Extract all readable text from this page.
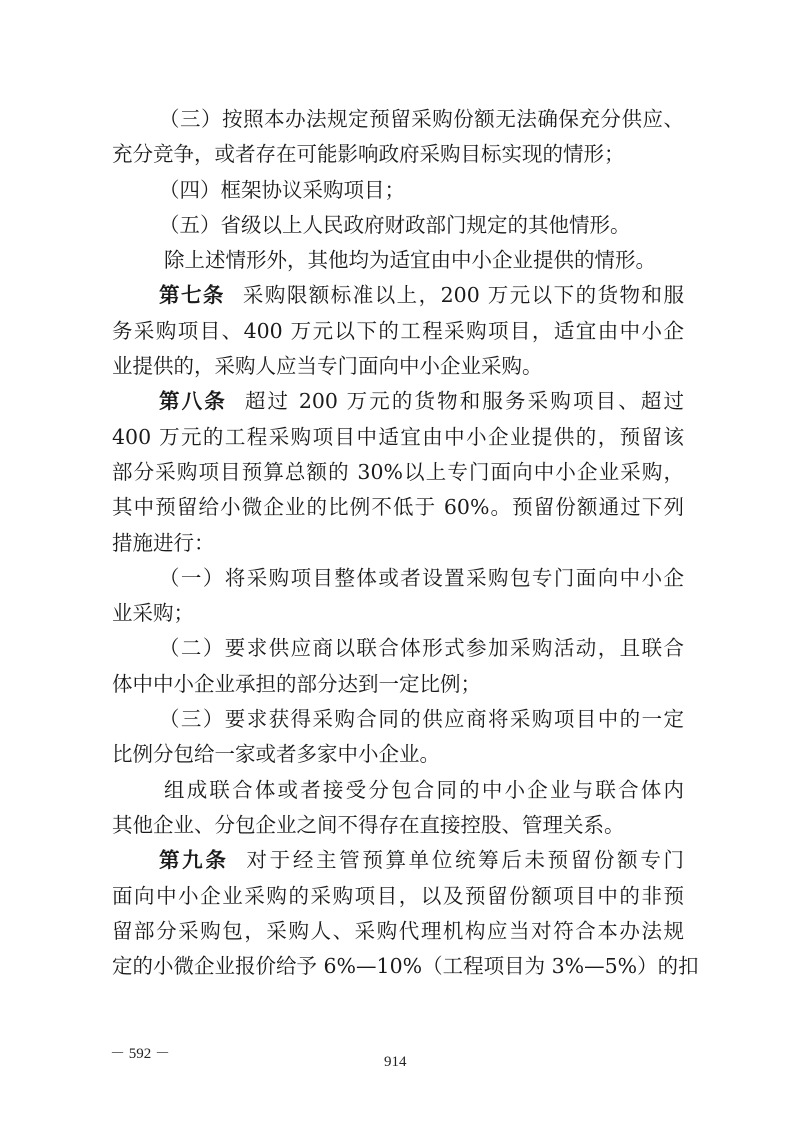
（三）按照本办法规定预留采购份额无法确保充分供应、
充分竞争，或者存在可能影响政府采购目标实现的情形；
（四）框架协议采购项目；
（五）省级以上人民政府财政部门规定的其他情形。
除上述情形外，其他均为适宜由中小企业提供的情形。
第七条 采购限额标准以上，200 万元以下的货物和服
务采购项目、400 万元以下的工程采购项目，适宜由中小企
业提供的，采购人应当专门面向中小企业采购。
第八条 超过 200 万元的货物和服务采购项目、超过
400 万元的工程采购项目中适宜由中小企业提供的，预留该
部分采购项目预算总额的 30%以上专门面向中小企业采购，
其中预留给小微企业的比例不低于 60%。预留份额通过下列
措施进行：
（一）将采购项目整体或者设置采购包专门面向中小企
业采购；
（二）要求供应商以联合体形式参加采购活动，且联合
体中中小企业承担的部分达到一定比例；
（三）要求获得采购合同的供应商将采购项目中的一定
比例分包给一家或者多家中小企业。
组成联合体或者接受分包合同的中小企业与联合体内
其他企业、分包企业之间不得存在直接控股、管理关系。
第九条 对于经主管预算单位统筹后未预留份额专门
面向中小企业采购的采购项目，以及预留份额项目中的非预
留部分采购包，采购人、采购代理机构应当对符合本办法规
定的小微企业报价给予 6%—10%（工程项目为 3%—5%）的扣
－ 592 －	914
